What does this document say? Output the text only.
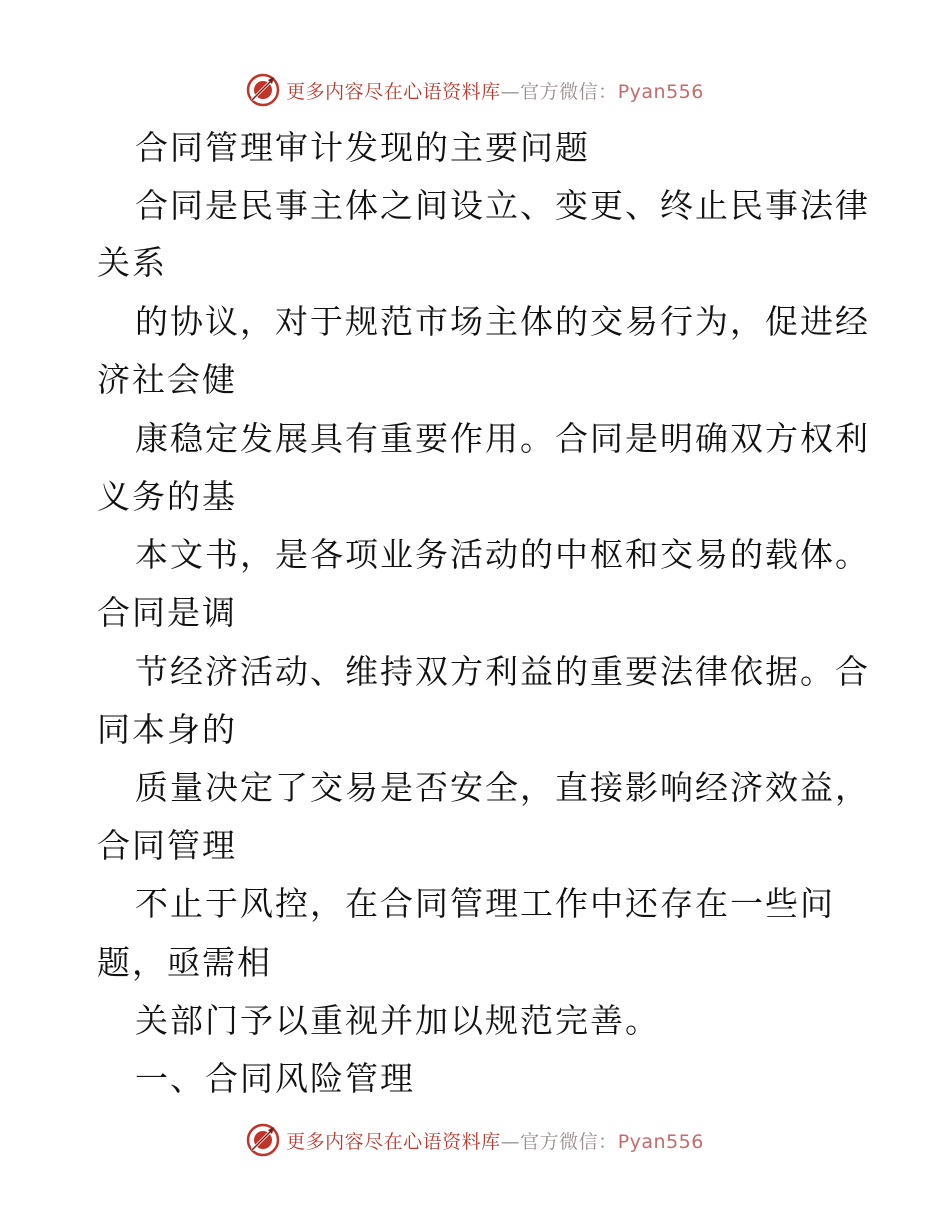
更多内容尽在心语资料库—官方微信：Pyan556
合同管理审计发现的主要问题
合同是民事主体之间设立、变更、终止民事法律
关系
的协议，对于规范市场主体的交易行为，促进经
济社会健
康稳定发展具有重要作用。合同是明确双方权利
义务的基
本文书，是各项业务活动的中枢和交易的载体。
合同是调
节经济活动、维持双方利益的重要法律依据。合
同本身的
质量决定了交易是否安全，直接影响经济效益，
合同管理
不止于风控，在合同管理工作中还存在一些问
题，亟需相
关部门予以重视并加以规范完善。
一、合同风险管理
更多内容尽在心语资料库—官方微信：Pyan556
